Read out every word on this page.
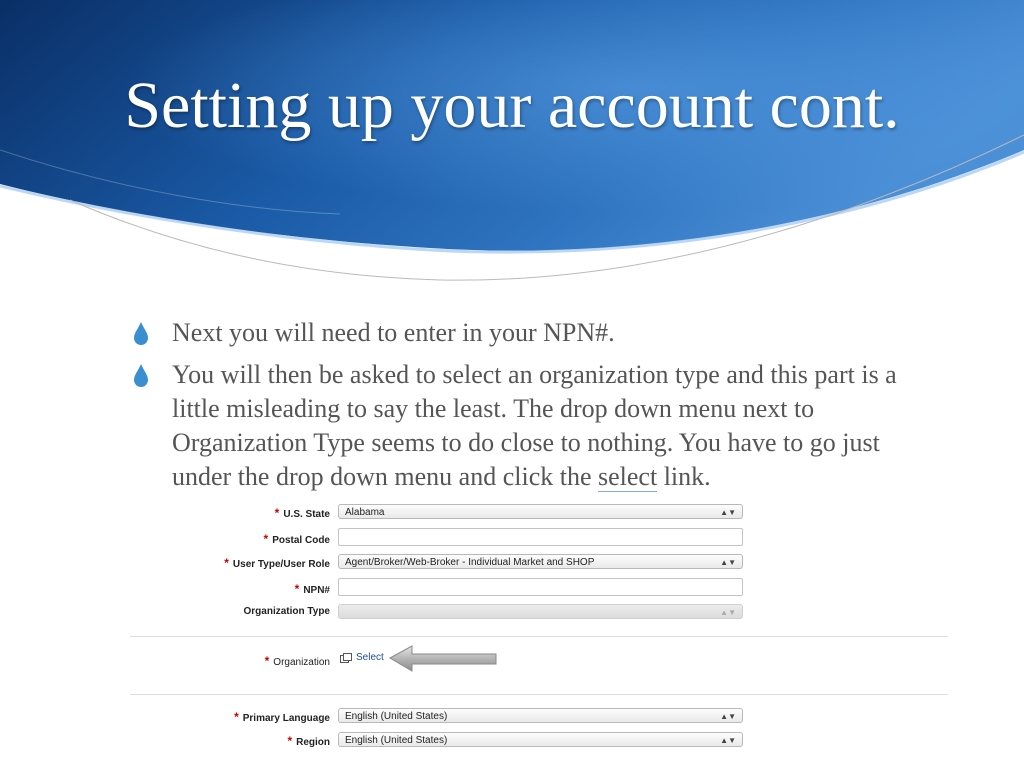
Setting up your account cont.
Next you will need to enter in your NPN#.
You will then be asked to select an organization type and this part is a little misleading to say the least. The drop down menu next to Organization Type seems to do close to nothing. You have to go just under the drop down menu and click the select link.
* U.S. State	Alabama	▲▼
* Postal Code
* User Type/User Role	Agent/Broker/Web-Broker - Individual Market and SHOP	▲▼
* NPN#
Organization Type	▲▼
* Organization	Select
* Primary Language	English (United States)	▲▼
* Region	English (United States)	▲▼
